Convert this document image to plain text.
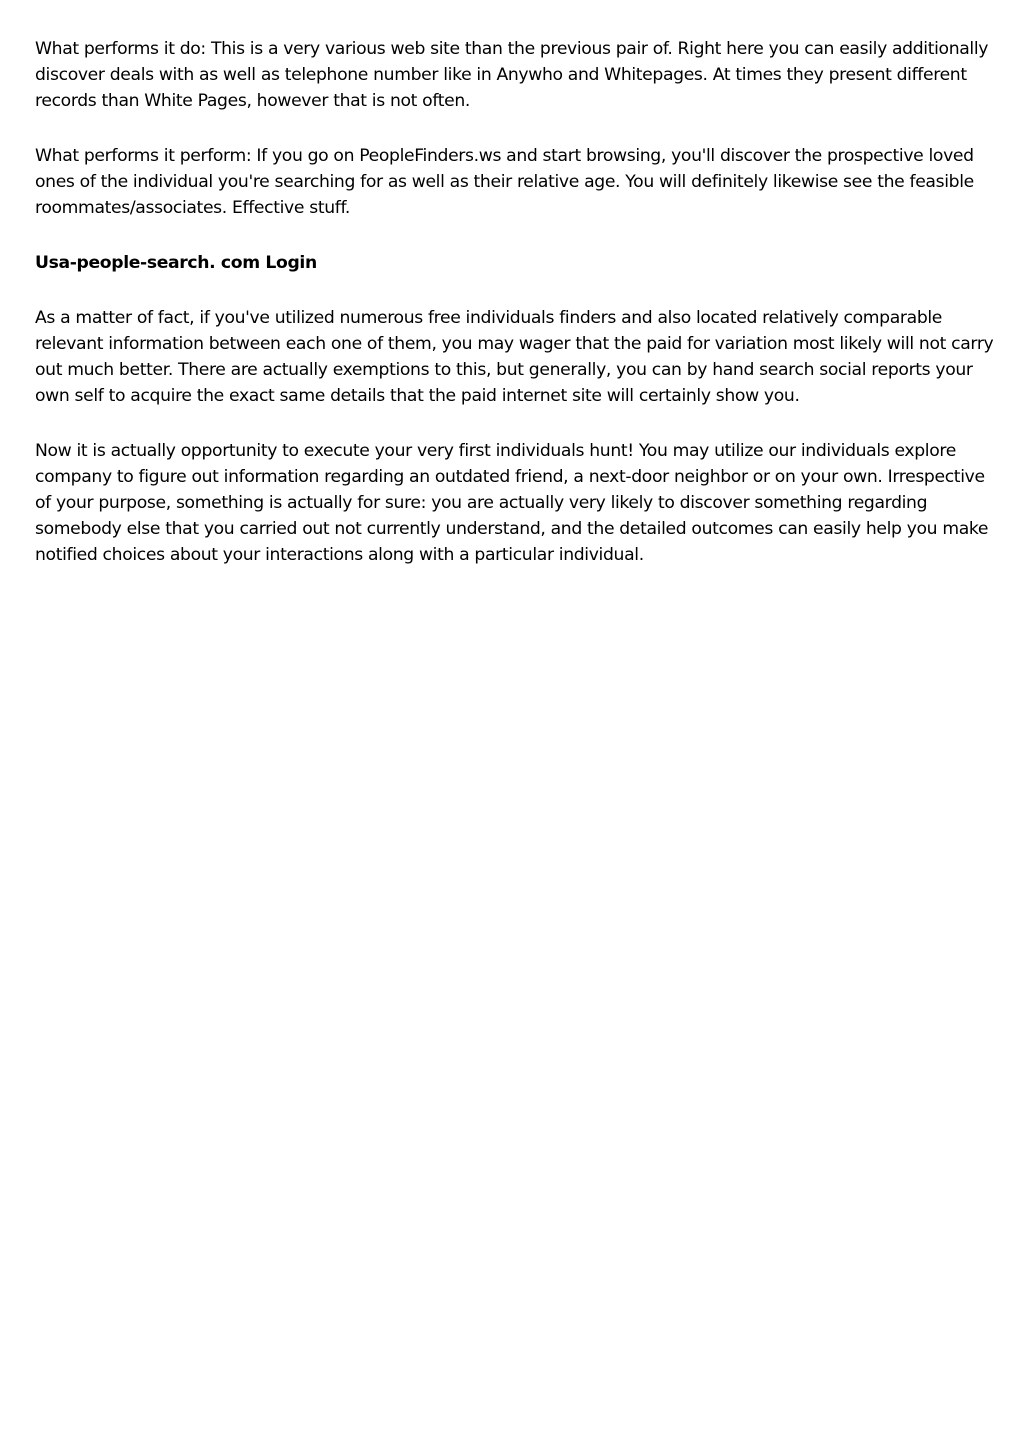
What performs it do: This is a very various web site than the previous pair of. Right here you can easily additionally discover deals with as well as telephone number like in Anywho and Whitepages. At times they present different records than White Pages, however that is not often.

What performs it perform: If you go on PeopleFinders.ws and start browsing, you'll discover the prospective loved ones of the individual you're searching for as well as their relative age. You will definitely likewise see the feasible roommates/associates. Effective stuff.

Usa-people-search. com Login

As a matter of fact, if you've utilized numerous free individuals finders and also located relatively comparable relevant information between each one of them, you may wager that the paid for variation most likely will not carry out much better. There are actually exemptions to this, but generally, you can by hand search social reports your own self to acquire the exact same details that the paid internet site will certainly show you.

Now it is actually opportunity to execute your very first individuals hunt! You may utilize our individuals explore company to figure out information regarding an outdated friend, a next-door neighbor or on your own. Irrespective of your purpose, something is actually for sure: you are actually very likely to discover something regarding somebody else that you carried out not currently understand, and the detailed outcomes can easily help you make notified choices about your interactions along with a particular individual.
